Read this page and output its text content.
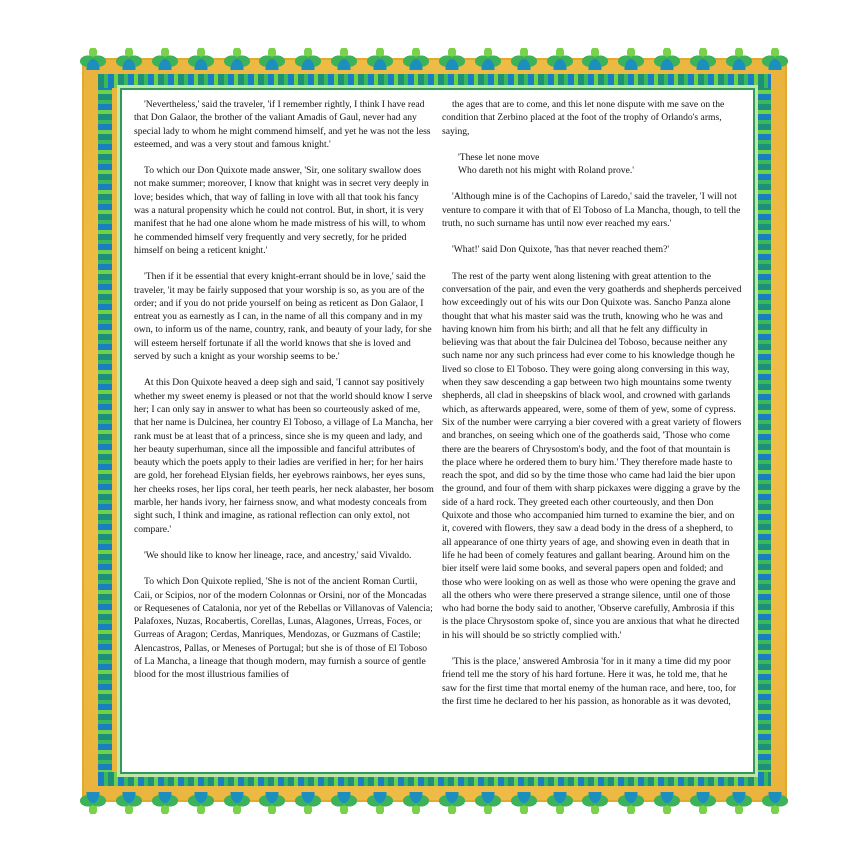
'Nevertheless,' said the traveler, 'if I remember rightly, I think I have read that Don Galaor, the brother of the valiant Amadis of Gaul, never had any special lady to whom he might commend himself, and yet he was not the less esteemed, and was a very stout and famous knight.'

To which our Don Quixote made answer, 'Sir, one solitary swallow does not make summer; moreover, I know that knight was in secret very deeply in love; besides which, that way of falling in love with all that took his fancy was a natural propensity which he could not control. But, in short, it is very manifest that he had one alone whom he made mistress of his will, to whom he commended himself very frequently and very secretly, for he prided himself on being a reticent knight.'

'Then if it be essential that every knight-errant should be in love,' said the traveler, 'it may be fairly supposed that your worship is so, as you are of the order; and if you do not pride yourself on being as reticent as Don Galaor, I entreat you as earnestly as I can, in the name of all this company and in my own, to inform us of the name, country, rank, and beauty of your lady, for she will esteem herself fortunate if all the world knows that she is loved and served by such a knight as your worship seems to be.'

At this Don Quixote heaved a deep sigh and said, 'I cannot say positively whether my sweet enemy is pleased or not that the world should know I serve her; I can only say in answer to what has been so courteously asked of me, that her name is Dulcinea, her country El Toboso, a village of La Mancha, her rank must be at least that of a princess, since she is my queen and lady, and her beauty superhuman, since all the impossible and fanciful attributes of beauty which the poets apply to their ladies are verified in her; for her hairs are gold, her forehead Elysian fields, her eyebrows rainbows, her eyes suns, her cheeks roses, her lips coral, her teeth pearls, her neck alabaster, her bosom marble, her hands ivory, her fairness snow, and what modesty conceals from sight such, I think and imagine, as rational reflection can only extol, not compare.'

'We should like to know her lineage, race, and ancestry,' said Vivaldo.

To which Don Quixote replied, 'She is not of the ancient Roman Curtii, Caii, or Scipios, nor of the modern Colonnas or Orsini, nor of the Moncadas or Requesenes of Catalonia, nor yet of the Rebellas or Villanovas of Valencia; Palafoxes, Nuzas, Rocabertis, Corellas, Lunas, Alagones, Urreas, Foces, or Gurreas of Aragon; Cerdas, Manriques, Mendozas, or Guzmans of Castile; Alencastros, Pallas, or Meneses of Portugal; but she is of those of El Toboso of La Mancha, a lineage that though modern, may furnish a source of gentle blood for the most illustrious families of

the ages that are to come, and this let none dispute with me save on the condition that Zerbino placed at the foot of the trophy of Orlando's arms, saying,

'These let none move
Who dareth not his might with Roland prove.'

'Although mine is of the Cachopins of Laredo,' said the traveler, 'I will not venture to compare it with that of El Toboso of La Mancha, though, to tell the truth, no such surname has until now ever reached my ears.'

'What!' said Don Quixote, 'has that never reached them?'

The rest of the party went along listening with great attention to the conversation of the pair, and even the very goatherds and shepherds perceived how exceedingly out of his wits our Don Quixote was. Sancho Panza alone thought that what his master said was the truth, knowing who he was and having known him from his birth; and all that he felt any difficulty in believing was that about the fair Dulcinea del Toboso, because neither any such name nor any such princess had ever come to his knowledge though he lived so close to El Toboso. They were going along conversing in this way, when they saw descending a gap between two high mountains some twenty shepherds, all clad in sheepskins of black wool, and crowned with garlands which, as afterwards appeared, were, some of them of yew, some of cypress. Six of the number were carrying a bier covered with a great variety of flowers and branches, on seeing which one of the goatherds said, 'Those who come there are the bearers of Chrysostom's body, and the foot of that mountain is the place where he ordered them to bury him.' They therefore made haste to reach the spot, and did so by the time those who came had laid the bier upon the ground, and four of them with sharp pickaxes were digging a grave by the side of a hard rock. They greeted each other courteously, and then Don Quixote and those who accompanied him turned to examine the bier, and on it, covered with flowers, they saw a dead body in the dress of a shepherd, to all appearance of one thirty years of age, and showing even in death that in life he had been of comely features and gallant bearing. Around him on the bier itself were laid some books, and several papers open and folded; and those who were looking on as well as those who were opening the grave and all the others who were there preserved a strange silence, until one of those who had borne the body said to another, 'Observe carefully, Ambrosia if this is the place Chrysostom spoke of, since you are anxious that what he directed in his will should be so strictly complied with.'

'This is the place,' answered Ambrosia 'for in it many a time did my poor friend tell me the story of his hard fortune. Here it was, he told me, that he saw for the first time that mortal enemy of the human race, and here, too, for the first time he declared to her his passion, as honorable as it was devoted,
